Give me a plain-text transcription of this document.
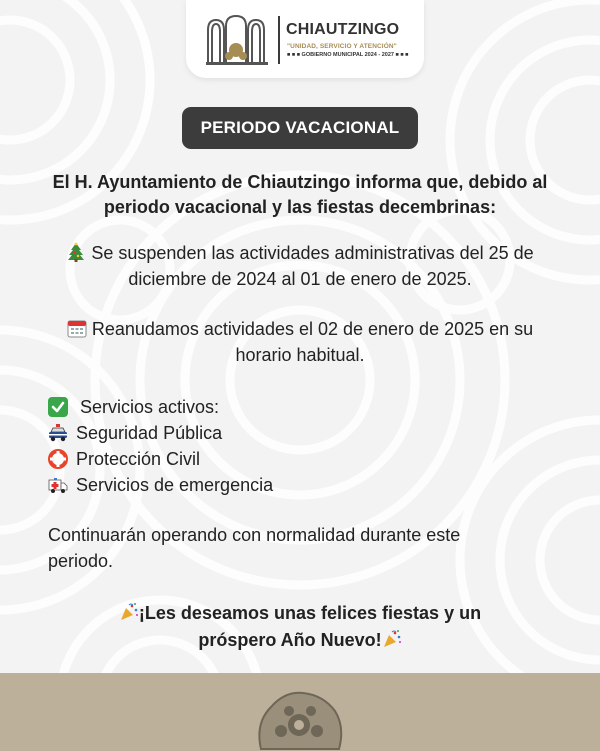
CHIAUTZINGO
"UNIDAD, SERVICIO Y ATENCIÓN"
■ ■ ■ GOBIERNO MUNICIPAL 2024 - 2027 ■ ■ ■
PERIODO VACACIONAL
El H. Ayuntamiento de Chiautzingo informa que, debido al periodo vacacional y las fiestas decembrinas:
Se suspenden las actividades administrativas del 25 de diciembre de 2024 al 01 de enero de 2025.
Reanudamos actividades el 02 de enero de 2025 en su horario habitual.
Servicios activos:
Seguridad Pública
Protección Civil
Servicios de emergencia
Continuarán operando con normalidad durante este periodo.
¡Les deseamos unas felices fiestas y un
próspero Año Nuevo!
